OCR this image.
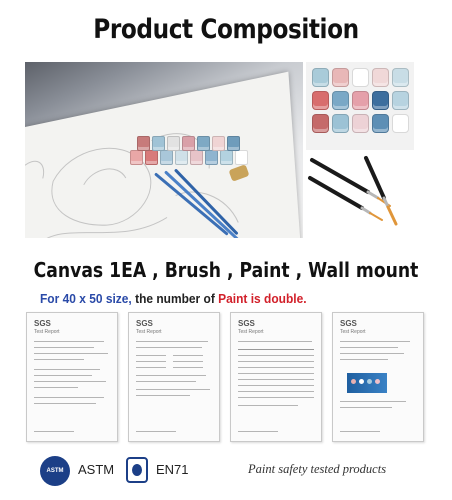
Product Composition
Canvas 1EA , Brush , Paint , Wall mount
For 40 x 50 size, the number of Paint is double.
SGS
Test Report
SGS
Test Report
SGS
Test Report
SGS
Test Report
ASTM	ASTM	EN71	Paint safety tested products
